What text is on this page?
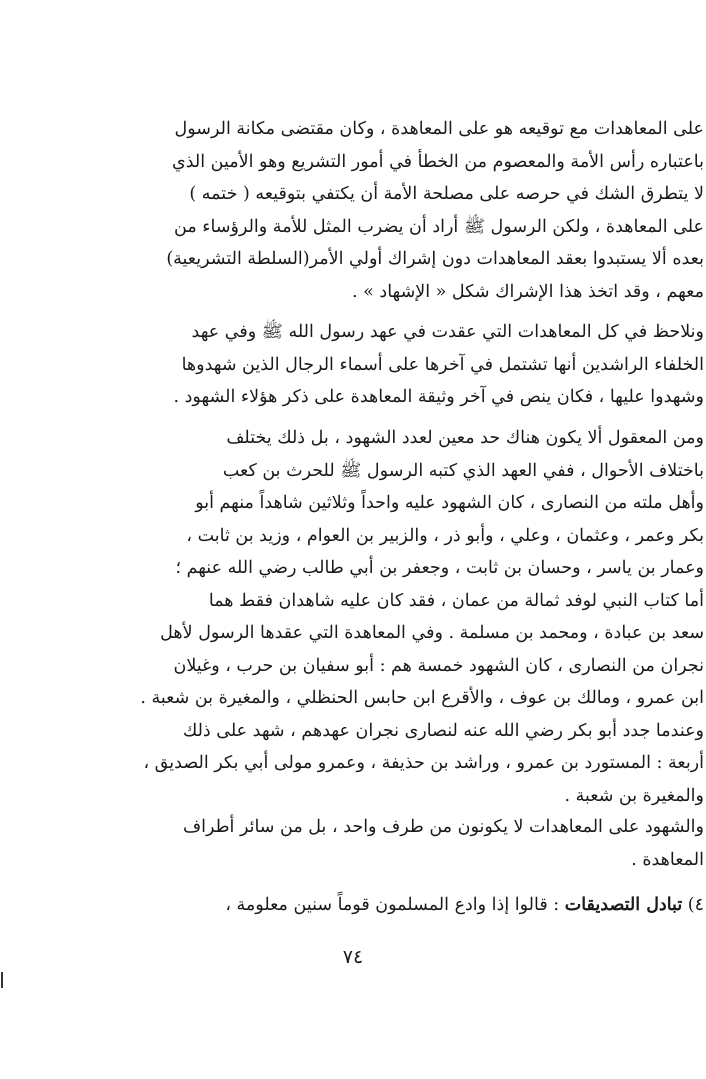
على المعاهدات مع توقيعه هو على المعاهدة ، وكان مقتضى مكانة الرسول
باعتباره رأس الأمة والمعصوم من الخطأ في أمور التشريع وهو الأمين الذي
لا يتطرق الشك في حرصه على مصلحة الأمة أن يكتفي بتوقيعه ( ختمه )
على المعاهدة ، ولكن الرسول ﷺ أراد أن يضرب المثل للأمة والرؤساء من
بعده ألا يستبدوا بعقد المعاهدات دون إشراك أولي الأمر(السلطة التشريعية)
معهم ، وقد اتخذ هذا الإشراك شكل « الإشهاد » .

ونلاحظ في كل المعاهدات التي عقدت في عهد رسول الله ﷺ وفي عهد
الخلفاء الراشدين أنها تشتمل في آخرها على أسماء الرجال الذين شهدوها
وشهدوا عليها ، فكان ينص في آخر وثيقة المعاهدة على ذكر هؤلاء الشهود .

ومن المعقول ألا يكون هناك حد معين لعدد الشهود ، بل ذلك يختلف
باختلاف الأحوال ، ففي العهد الذي كتبه الرسول ﷺ للحرث بن كعب
وأهل ملته من النصارى ، كان الشهود عليه واحداً وثلاثين شاهداً منهم أبو
بكر وعمر ، وعثمان ، وعلي ، وأبو ذر ، والزبير بن العوام ، وزيد بن ثابت ،
وعمار بن ياسر ، وحسان بن ثابت ، وجعفر بن أبي طالب رضي الله عنهم ؛
أما كتاب النبي لوفد ثمالة من عمان ، فقد كان عليه شاهدان فقط هما
سعد بن عبادة ، ومحمد بن مسلمة . وفي المعاهدة التي عقدها الرسول لأهل
نجران من النصارى ، كان الشهود خمسة هم : أبو سفيان بن حرب ، وغيلان
ابن عمرو ، ومالك بن عوف ، والأقرع ابن حابس الحنظلي ، والمغيرة بن شعبة .
وعندما جدد أبو بكر رضي الله عنه لنصارى نجران عهدهم ، شهد على ذلك
أربعة : المستورد بن عمرو ، وراشد بن حذيفة ، وعمرو مولى أبي بكر الصديق ،
والمغيرة بن شعبة .

والشهود على المعاهدات لا يكونون من طرف واحد ، بل من سائر أطراف
المعاهدة .

٤) تبادل التصديقات : قالوا إذا وادع المسلمون قوماً سنين معلومة ،

٧٤
